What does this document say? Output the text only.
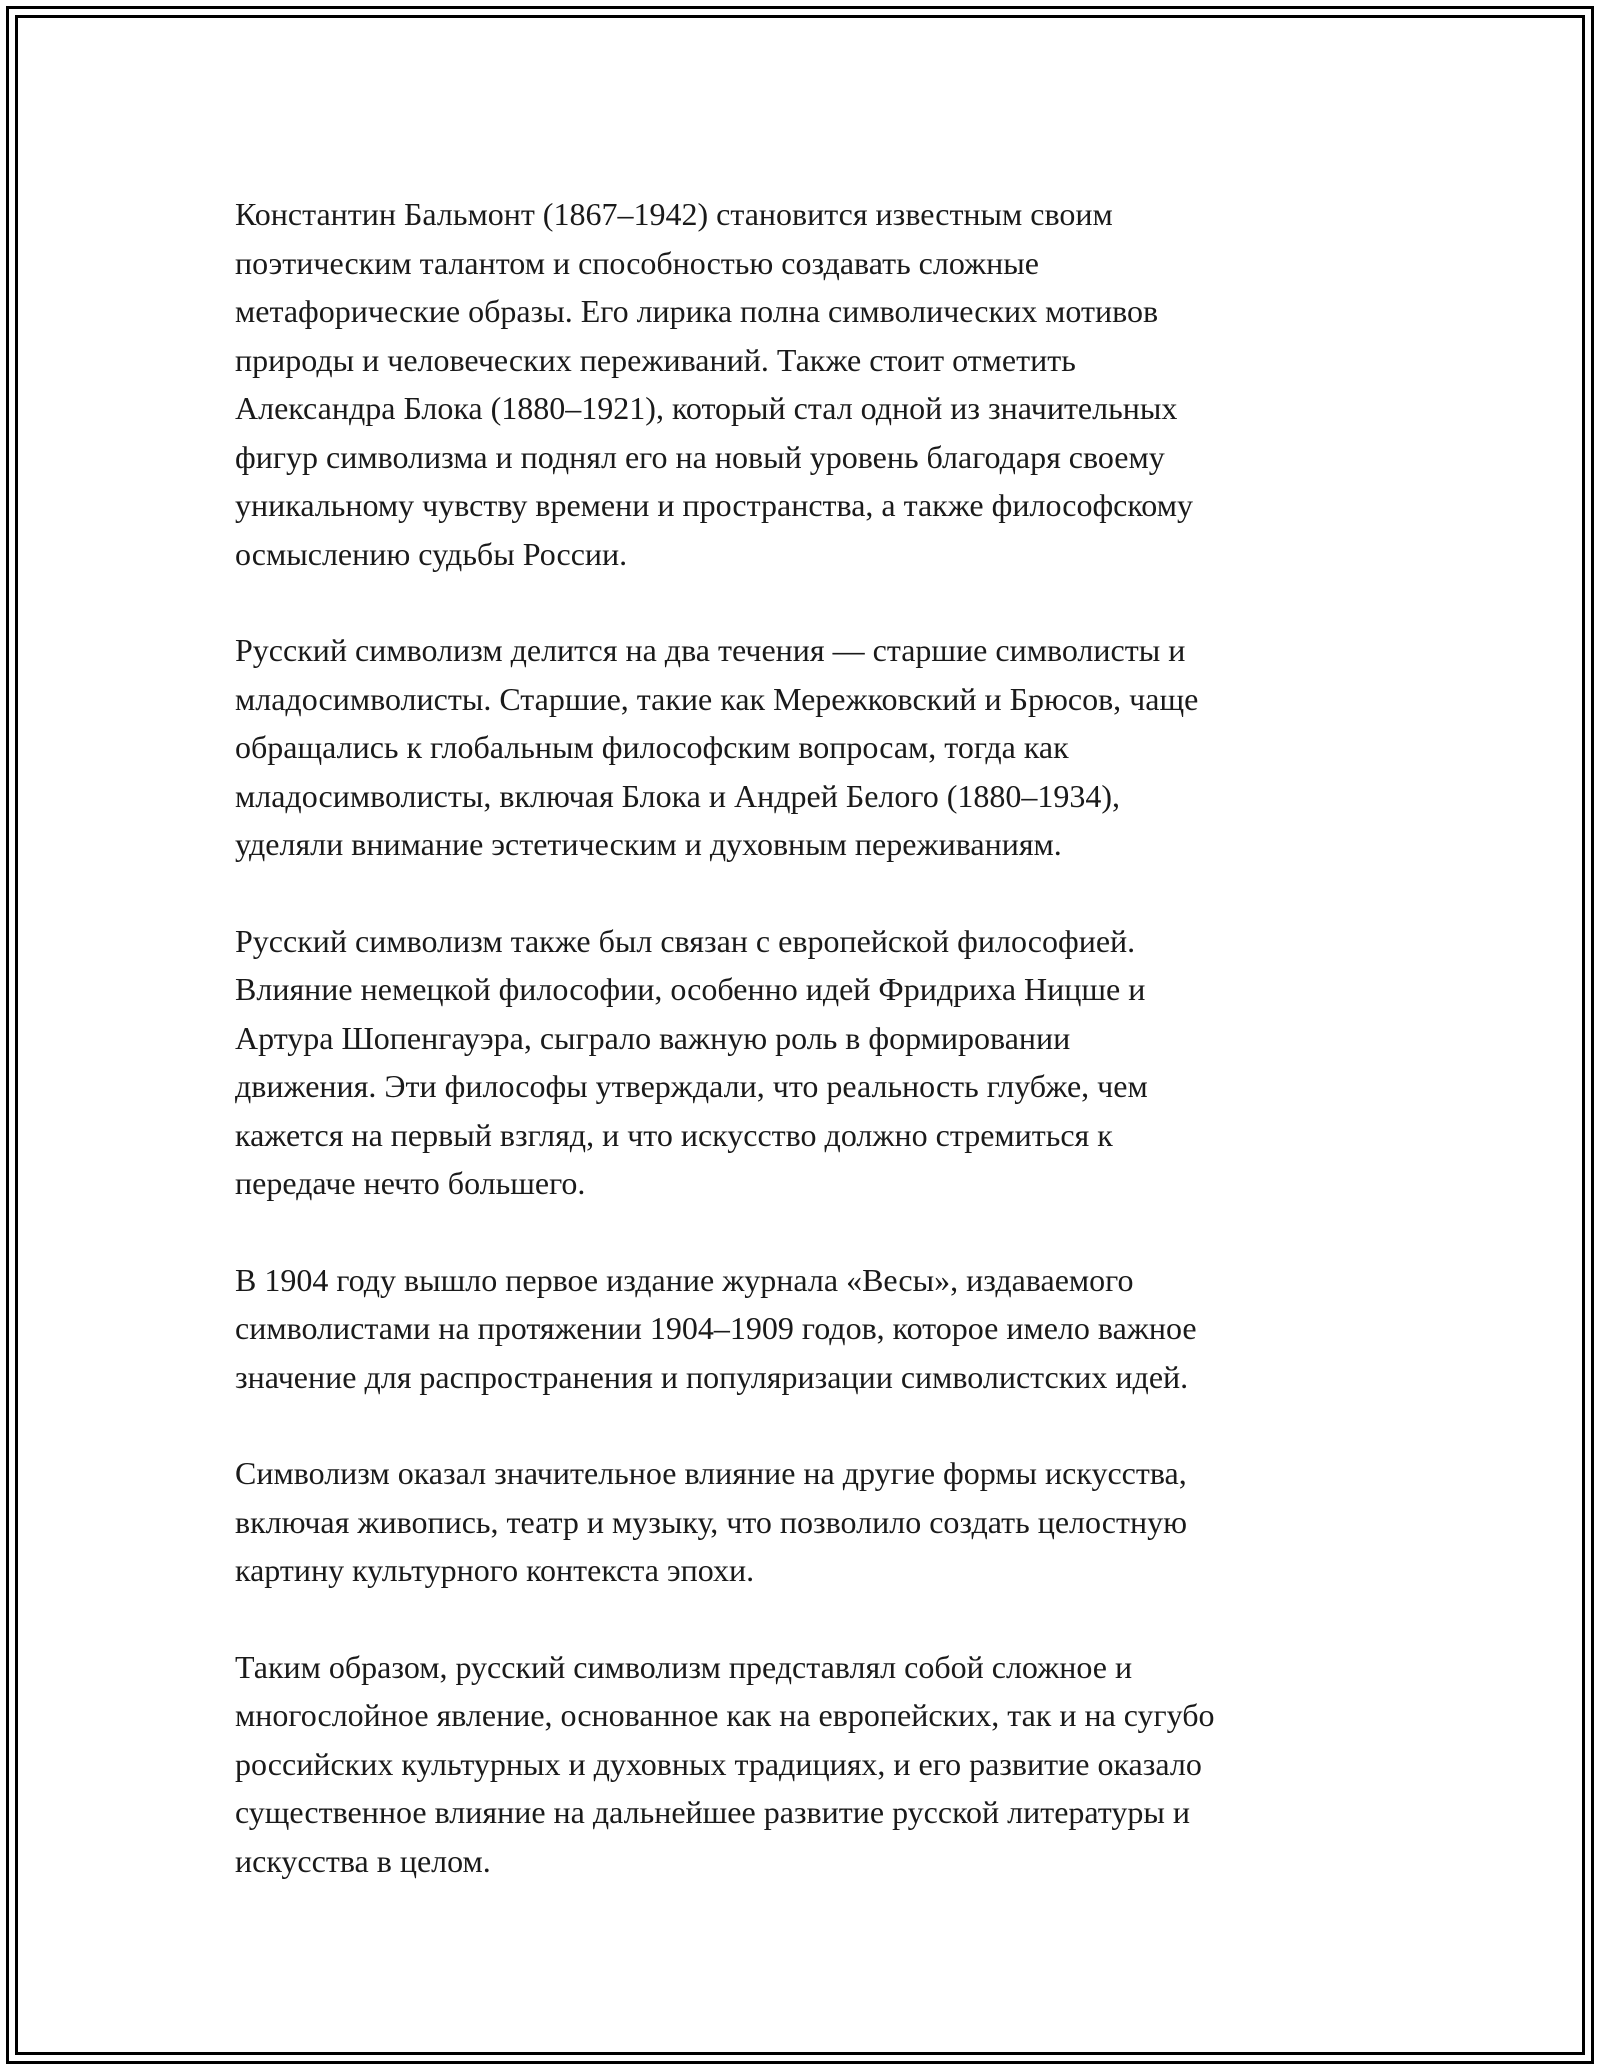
Константин Бальмонт (1867–1942) становится известным своим
поэтическим талантом и способностью создавать сложные
метафорические образы. Его лирика полна символических мотивов
природы и человеческих переживаний. Также стоит отметить
Александра Блока (1880–1921), который стал одной из значительных
фигур символизма и поднял его на новый уровень благодаря своему
уникальному чувству времени и пространства, а также философскому
осмыслению судьбы России.

Русский символизм делится на два течения — старшие символисты и
младосимволисты. Старшие, такие как Мережковский и Брюсов, чаще
обращались к глобальным философским вопросам, тогда как
младосимволисты, включая Блока и Андрей Белого (1880–1934),
уделяли внимание эстетическим и духовным переживаниям.

Русский символизм также был связан с европейской философией.
Влияние немецкой философии, особенно идей Фридриха Ницше и
Артура Шопенгауэра, сыграло важную роль в формировании
движения. Эти философы утверждали, что реальность глубже, чем
кажется на первый взгляд, и что искусство должно стремиться к
передаче нечто большего.

В 1904 году вышло первое издание журнала «Весы», издаваемого
символистами на протяжении 1904–1909 годов, которое имело важное
значение для распространения и популяризации символистских идей.

Символизм оказал значительное влияние на другие формы искусства,
включая живопись, театр и музыку, что позволило создать целостную
картину культурного контекста эпохи.

Таким образом, русский символизм представлял собой сложное и
многослойное явление, основанное как на европейских, так и на сугубо
российских культурных и духовных традициях, и его развитие оказало
существенное влияние на дальнейшее развитие русской литературы и
искусства в целом.
